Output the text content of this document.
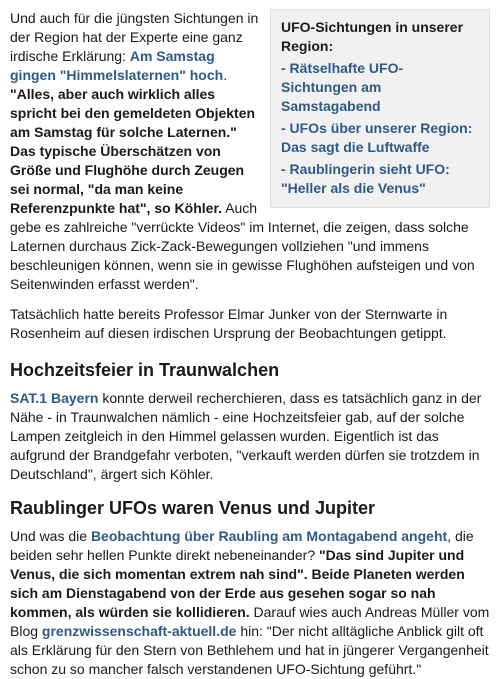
UFO-Sichtungen in unserer Region:
- Rätselhafte UFO-Sichtungen am Samstagabend
- UFOs über unserer Region: Das sagt die Luftwaffe
- Raublingerin sieht UFO: "Heller als die Venus"

Und auch für die jüngsten Sichtungen in der Region hat der Experte eine ganz irdische Erklärung: Am Samstag gingen "Himmelslaternen" hoch. "Alles, aber auch wirklich alles spricht bei den gemeldeten Objekten am Samstag für solche Laternen." Das typische Überschätzen von Größe und Flughöhe durch Zeugen sei normal, "da man keine Referenzpunkte hat", so Köhler. Auch gebe es zahlreiche "verrückte Videos" im Internet, die zeigen, dass solche Laternen durchaus Zick-Zack-Bewegungen vollziehen "und immens beschleunigen können, wenn sie in gewisse Flughöhen aufsteigen und von Seitenwinden erfasst werden".

Tatsächlich hatte bereits Professor Elmar Junker von der Sternwarte in Rosenheim auf diesen irdischen Ursprung der Beobachtungen getippt.

Hochzeitsfeier in Traunwalchen

SAT.1 Bayern konnte derweil recherchieren, dass es tatsächlich ganz in der Nähe - in Traunwalchen nämlich - eine Hochzeitsfeier gab, auf der solche Lampen zeitgleich in den Himmel gelassen wurden. Eigentlich ist das aufgrund der Brandgefahr verboten, "verkauft werden dürfen sie trotzdem in Deutschland", ärgert sich Köhler.

Raublinger UFOs waren Venus und Jupiter

Und was die Beobachtung über Raubling am Montagabend angeht, die beiden sehr hellen Punkte direkt nebeneinander? "Das sind Jupiter und Venus, die sich momentan extrem nah sind". Beide Planeten werden sich am Dienstagabend von der Erde aus gesehen sogar so nah kommen, als würden sie kollidieren. Darauf wies auch Andreas Müller vom Blog grenzwissenschaft-aktuell.de hin: "Der nicht alltägliche Anblick gilt oft als Erklärung für den Stern von Bethlehem und hat in jüngerer Vergangenheit schon zu so mancher falsch verstandenen UFO-Sichtung geführt."
